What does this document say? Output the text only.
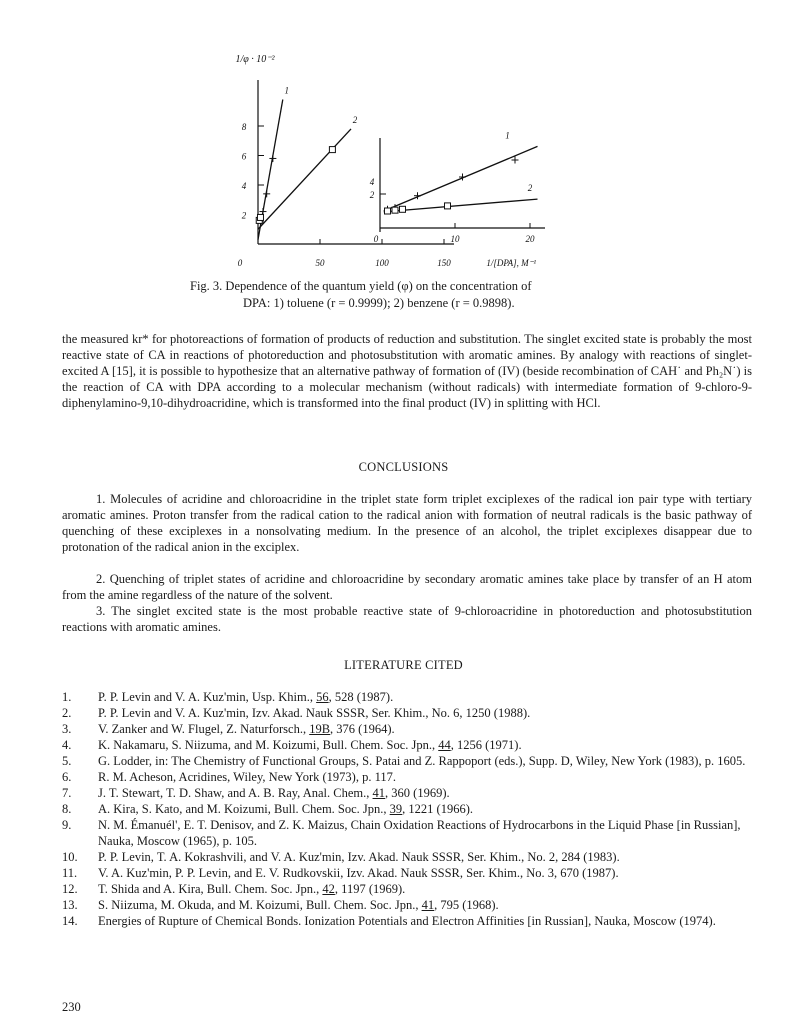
2
4
6
8
0	50	100	150
1/φ · 10⁻²
2
4
0	10	20
1/[DPA], M⁻¹
1
2
1
2
Fig. 3. Dependence of the quantum yield (φ) on the concentration of
DPA: 1) toluene (r = 0.9999); 2) benzene (r = 0.9898).
the measured kr* for photoreactions of formation of products of reduction and substitution. The singlet excited state is probably the most reactive state of CA in reactions of photoreduction and photosubstitution with aromatic amines. By analogy with reactions of singlet-excited A [15], it is possible to hypothesize that an alternative pathway of formation of (IV) (beside recombination of CAH˙ and Ph₂N˙) is the reaction of CA with DPA according to a molecular mechanism (without radicals) with intermediate formation of 9-chloro-9-diphenylamino-9,10-dihydroacridine, which is transformed into the final product (IV) in splitting with HCl.
CONCLUSIONS
1. Molecules of acridine and chloroacridine in the triplet state form triplet exciplexes of the radical ion pair type with tertiary aromatic amines. Proton transfer from the radical cation to the radical anion with formation of neutral radicals is the basic pathway of quenching of these exciplexes in a nonsolvating medium. In the presence of an alcohol, the triplet exciplexes disappear due to protonation of the radical anion in the exciplex.
2. Quenching of triplet states of acridine and chloroacridine by secondary aromatic amines take place by transfer of an H atom from the amine regardless of the nature of the solvent.
3. The singlet excited state is the most probable reactive state of 9-chloroacridine in photoreduction and photosubstitution reactions with aromatic amines.
LITERATURE CITED
1.	P. P. Levin and V. A. Kuz'min, Usp. Khim., 56, 528 (1987).
2.	P. P. Levin and V. A. Kuz'min, Izv. Akad. Nauk SSSR, Ser. Khim., No. 6, 1250 (1988).
3.	V. Zanker and W. Flugel, Z. Naturforsch., 19B, 376 (1964).
4.	K. Nakamaru, S. Niizuma, and M. Koizumi, Bull. Chem. Soc. Jpn., 44, 1256 (1971).
5.	G. Lodder, in: The Chemistry of Functional Groups, S. Patai and Z. Rappoport (eds.), Supp. D, Wiley, New York (1983), p. 1605.
6.	R. M. Acheson, Acridines, Wiley, New York (1973), p. 117.
7.	J. T. Stewart, T. D. Shaw, and A. B. Ray, Anal. Chem., 41, 360 (1969).
8.	A. Kira, S. Kato, and M. Koizumi, Bull. Chem. Soc. Jpn., 39, 1221 (1966).
9.	N. M. Émanuél', E. T. Denisov, and Z. K. Maizus, Chain Oxidation Reactions of Hydrocarbons in the Liquid Phase [in Russian], Nauka, Moscow (1965), p. 105.
10.	P. P. Levin, T. A. Kokrashvili, and V. A. Kuz'min, Izv. Akad. Nauk SSSR, Ser. Khim., No. 2, 284 (1983).
11.	V. A. Kuz'min, P. P. Levin, and E. V. Rudkovskii, Izv. Akad. Nauk SSSR, Ser. Khim., No. 3, 670 (1987).
12.	T. Shida and A. Kira, Bull. Chem. Soc. Jpn., 42, 1197 (1969).
13.	S. Niizuma, M. Okuda, and M. Koizumi, Bull. Chem. Soc. Jpn., 41, 795 (1968).
14.	Energies of Rupture of Chemical Bonds. Ionization Potentials and Electron Affinities [in Russian], Nauka, Moscow (1974).
230
